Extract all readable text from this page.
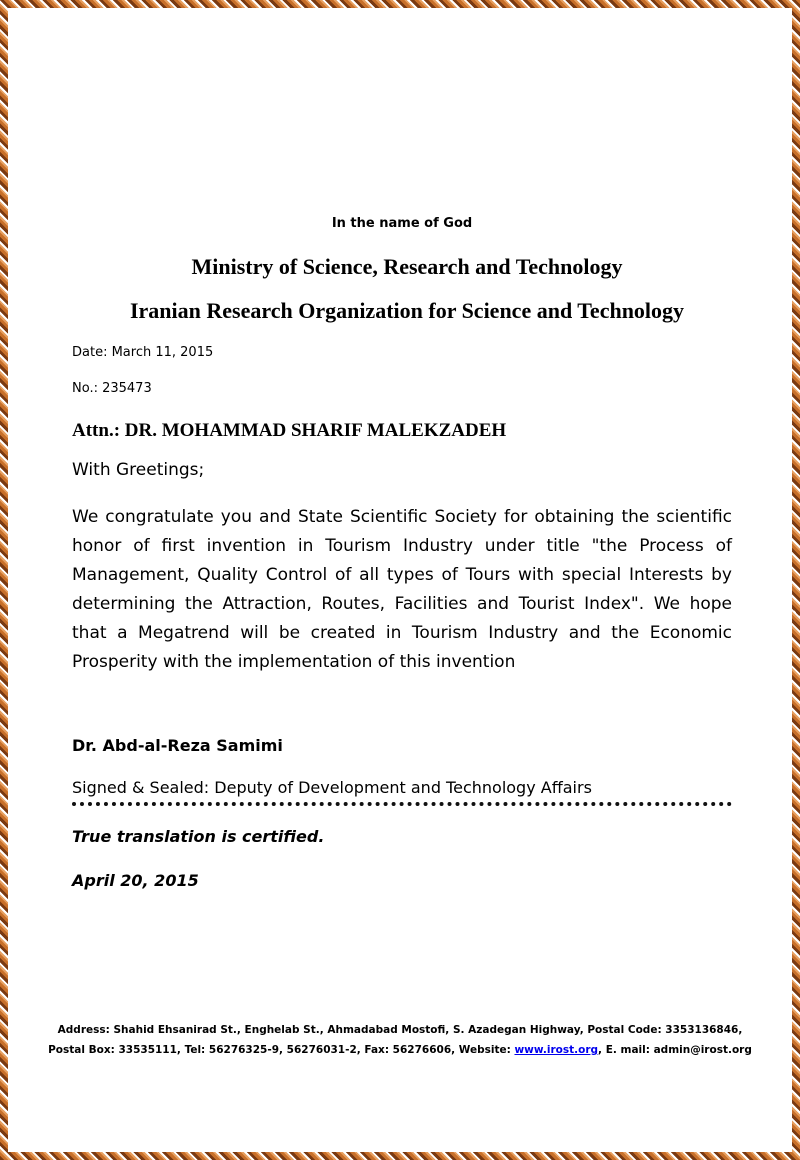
In the name of God
Ministry of Science, Research and Technology
Iranian Research Organization for Science and Technology
Date: March 11, 2015
No.: 235473
Attn.: DR. MOHAMMAD SHARIF MALEKZADEH
With Greetings;
We congratulate you and State Scientific Society for obtaining the scientific honor of first invention in Tourism Industry under title "the Process of Management, Quality Control of all types of Tours with special Interests by determining the Attraction, Routes, Facilities and Tourist Index". We hope that a Megatrend will be created in Tourism Industry and the Economic Prosperity with the implementation of this invention
Dr. Abd-al-Reza Samimi
Signed & Sealed: Deputy of Development and Technology Affairs
True translation is certified.
April 20, 2015
Address: Shahid Ehsanirad St., Enghelab St., Ahmadabad Mostofi, S. Azadegan Highway, Postal Code: 3353136846,
Postal Box: 33535111, Tel: 56276325-9, 56276031-2, Fax: 56276606, Website: www.irost.org, E. mail: admin@irost.org
